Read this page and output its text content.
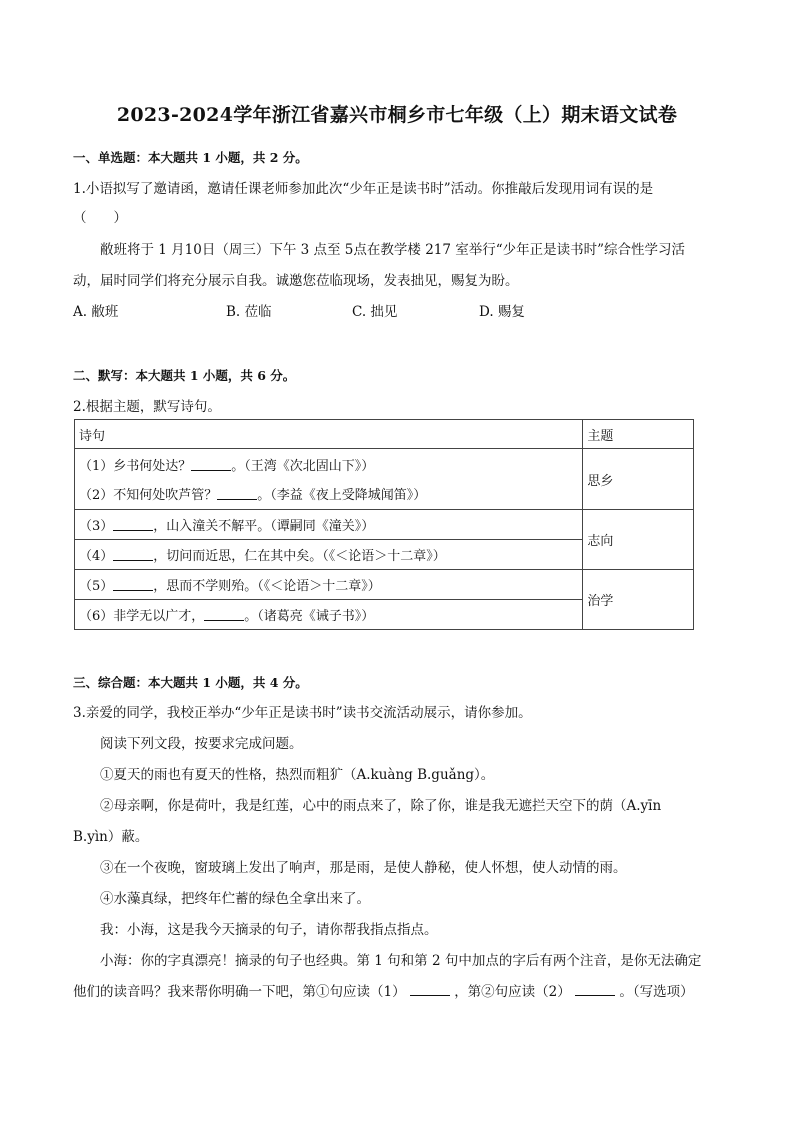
2023-2024学年浙江省嘉兴市桐乡市七年级（上）期末语文试卷
一、单选题：本大题共 1 小题，共 2 分。
1.小语拟写了邀请函，邀请任课老师参加此次“少年正是读书时”活动。你推敲后发现用词有误的是
（　　）
敝班将于 1 月10日（周三）下午 3 点至 5点在教学楼 217 室举行“少年正是读书时”综合性学习活
动，届时同学们将充分展示自我。诚邀您莅临现场，发表拙见，赐复为盼。
A. 敝班	B. 莅临	C. 拙见	D. 赐复
二、默写：本大题共 1 小题，共 6 分。
2.根据主题，默写诗句。
诗句	主题

（1）乡书何处达？ 。（王湾《次北固山下》）
（2）不知何处吹芦管？ 。（李益《夜上受降城闻笛》）	思乡

（3） ，山入潼关不解平。（谭嗣同《潼关》）
（4） ，切问而近思，仁在其中矣。（《＜论语＞十二章》）	志向

（5） ，思而不学则殆。（《＜论语＞十二章》）
（6）非学无以广才， 。（诸葛亮《诫子书》）	治学
三、综合题：本大题共 1 小题，共 4 分。
3.亲爱的同学，我校正举办“少年正是读书时”读书交流活动展示，请你参加。
阅读下列文段，按要求完成问题。
①夏天的雨也有夏天的性格，热烈而粗犷（A.kuàng B.guǎng）。
②母亲啊，你是荷叶，我是红莲，心中的雨点来了，除了你，谁是我无遮拦天空下的荫（A.yīn
B.yìn）蔽。
③在一个夜晚，窗玻璃上发出了响声，那是雨，是使人静秘，使人怀想，使人动情的雨。
④水藻真绿，把终年伫蓄的绿色全拿出来了。
我：小海，这是我今天摘录的句子，请你帮我指点指点。
小海：你的字真漂亮！摘录的句子也经典。第 1 句和第 2 句中加点的字后有两个注音，是你无法确定
他们的读音吗？我来帮你明确一下吧，第①句应读（1）	，第②句应读（2）	。（写选项）
